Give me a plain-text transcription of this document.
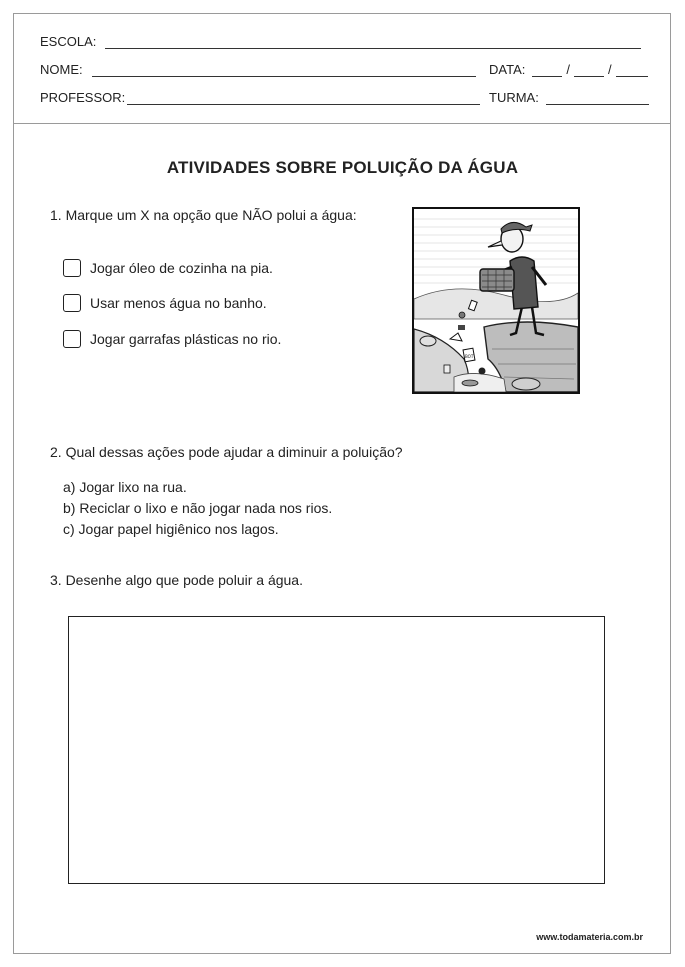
ESCOLA:
NOME:	DATA:	/	/
PROFESSOR:	TURMA:
ATIVIDADES SOBRE POLUIÇÃO DA ÁGUA
1. Marque um X na opção que NÃO polui a água:
Jogar óleo de cozinha na pia.
Usar menos água no banho.
Jogar garrafas plásticas no rio.
BOT
2. Qual dessas ações pode ajudar a diminuir a poluição?
a) Jogar lixo na rua.
b) Reciclar o lixo e não jogar nada nos rios.
c) Jogar papel higiênico nos lagos.
3. Desenhe algo que pode poluir a água.
www.todamateria.com.br
